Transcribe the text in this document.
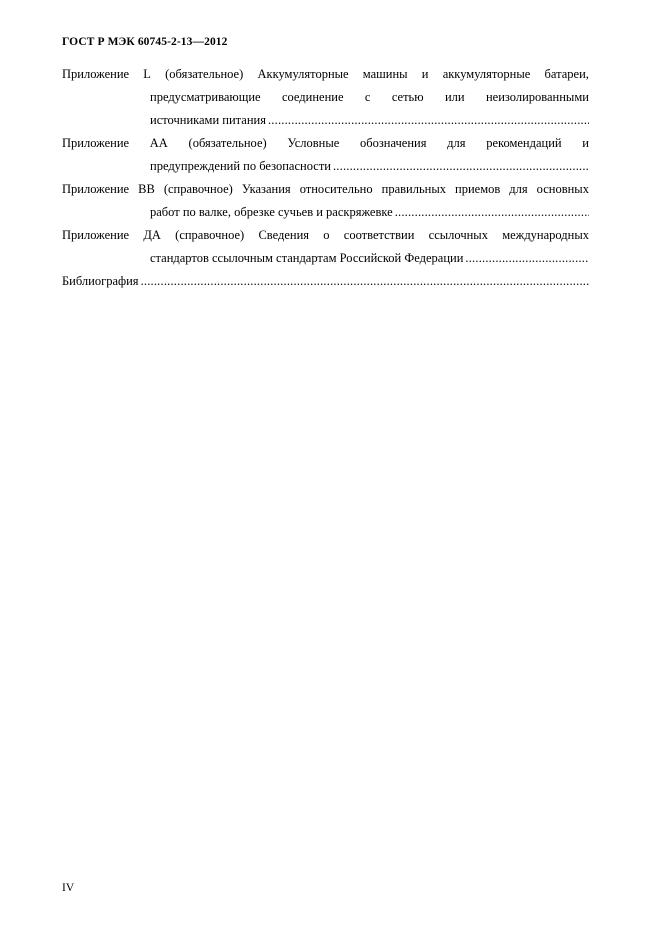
ГОСТ Р МЭК 60745-2-13—2012
Приложение L (обязательное) Аккумуляторные машины и аккумуляторные батареи,
предусматривающие соединение с сетью или неизолированными
источниками питания
.....
Приложение АА (обязательное) Условные обозначения для рекомендаций и
предупреждений по безопасности
.....
Приложение ВВ (справочное) Указания относительно правильных приемов для основных
работ по валке, обрезке сучьев и раскряжевке
.....
Приложение ДА (справочное) Сведения о соответствии ссылочных международных
стандартов ссылочным стандартам Российской Федерации
.....
Библиография
.....
IV
